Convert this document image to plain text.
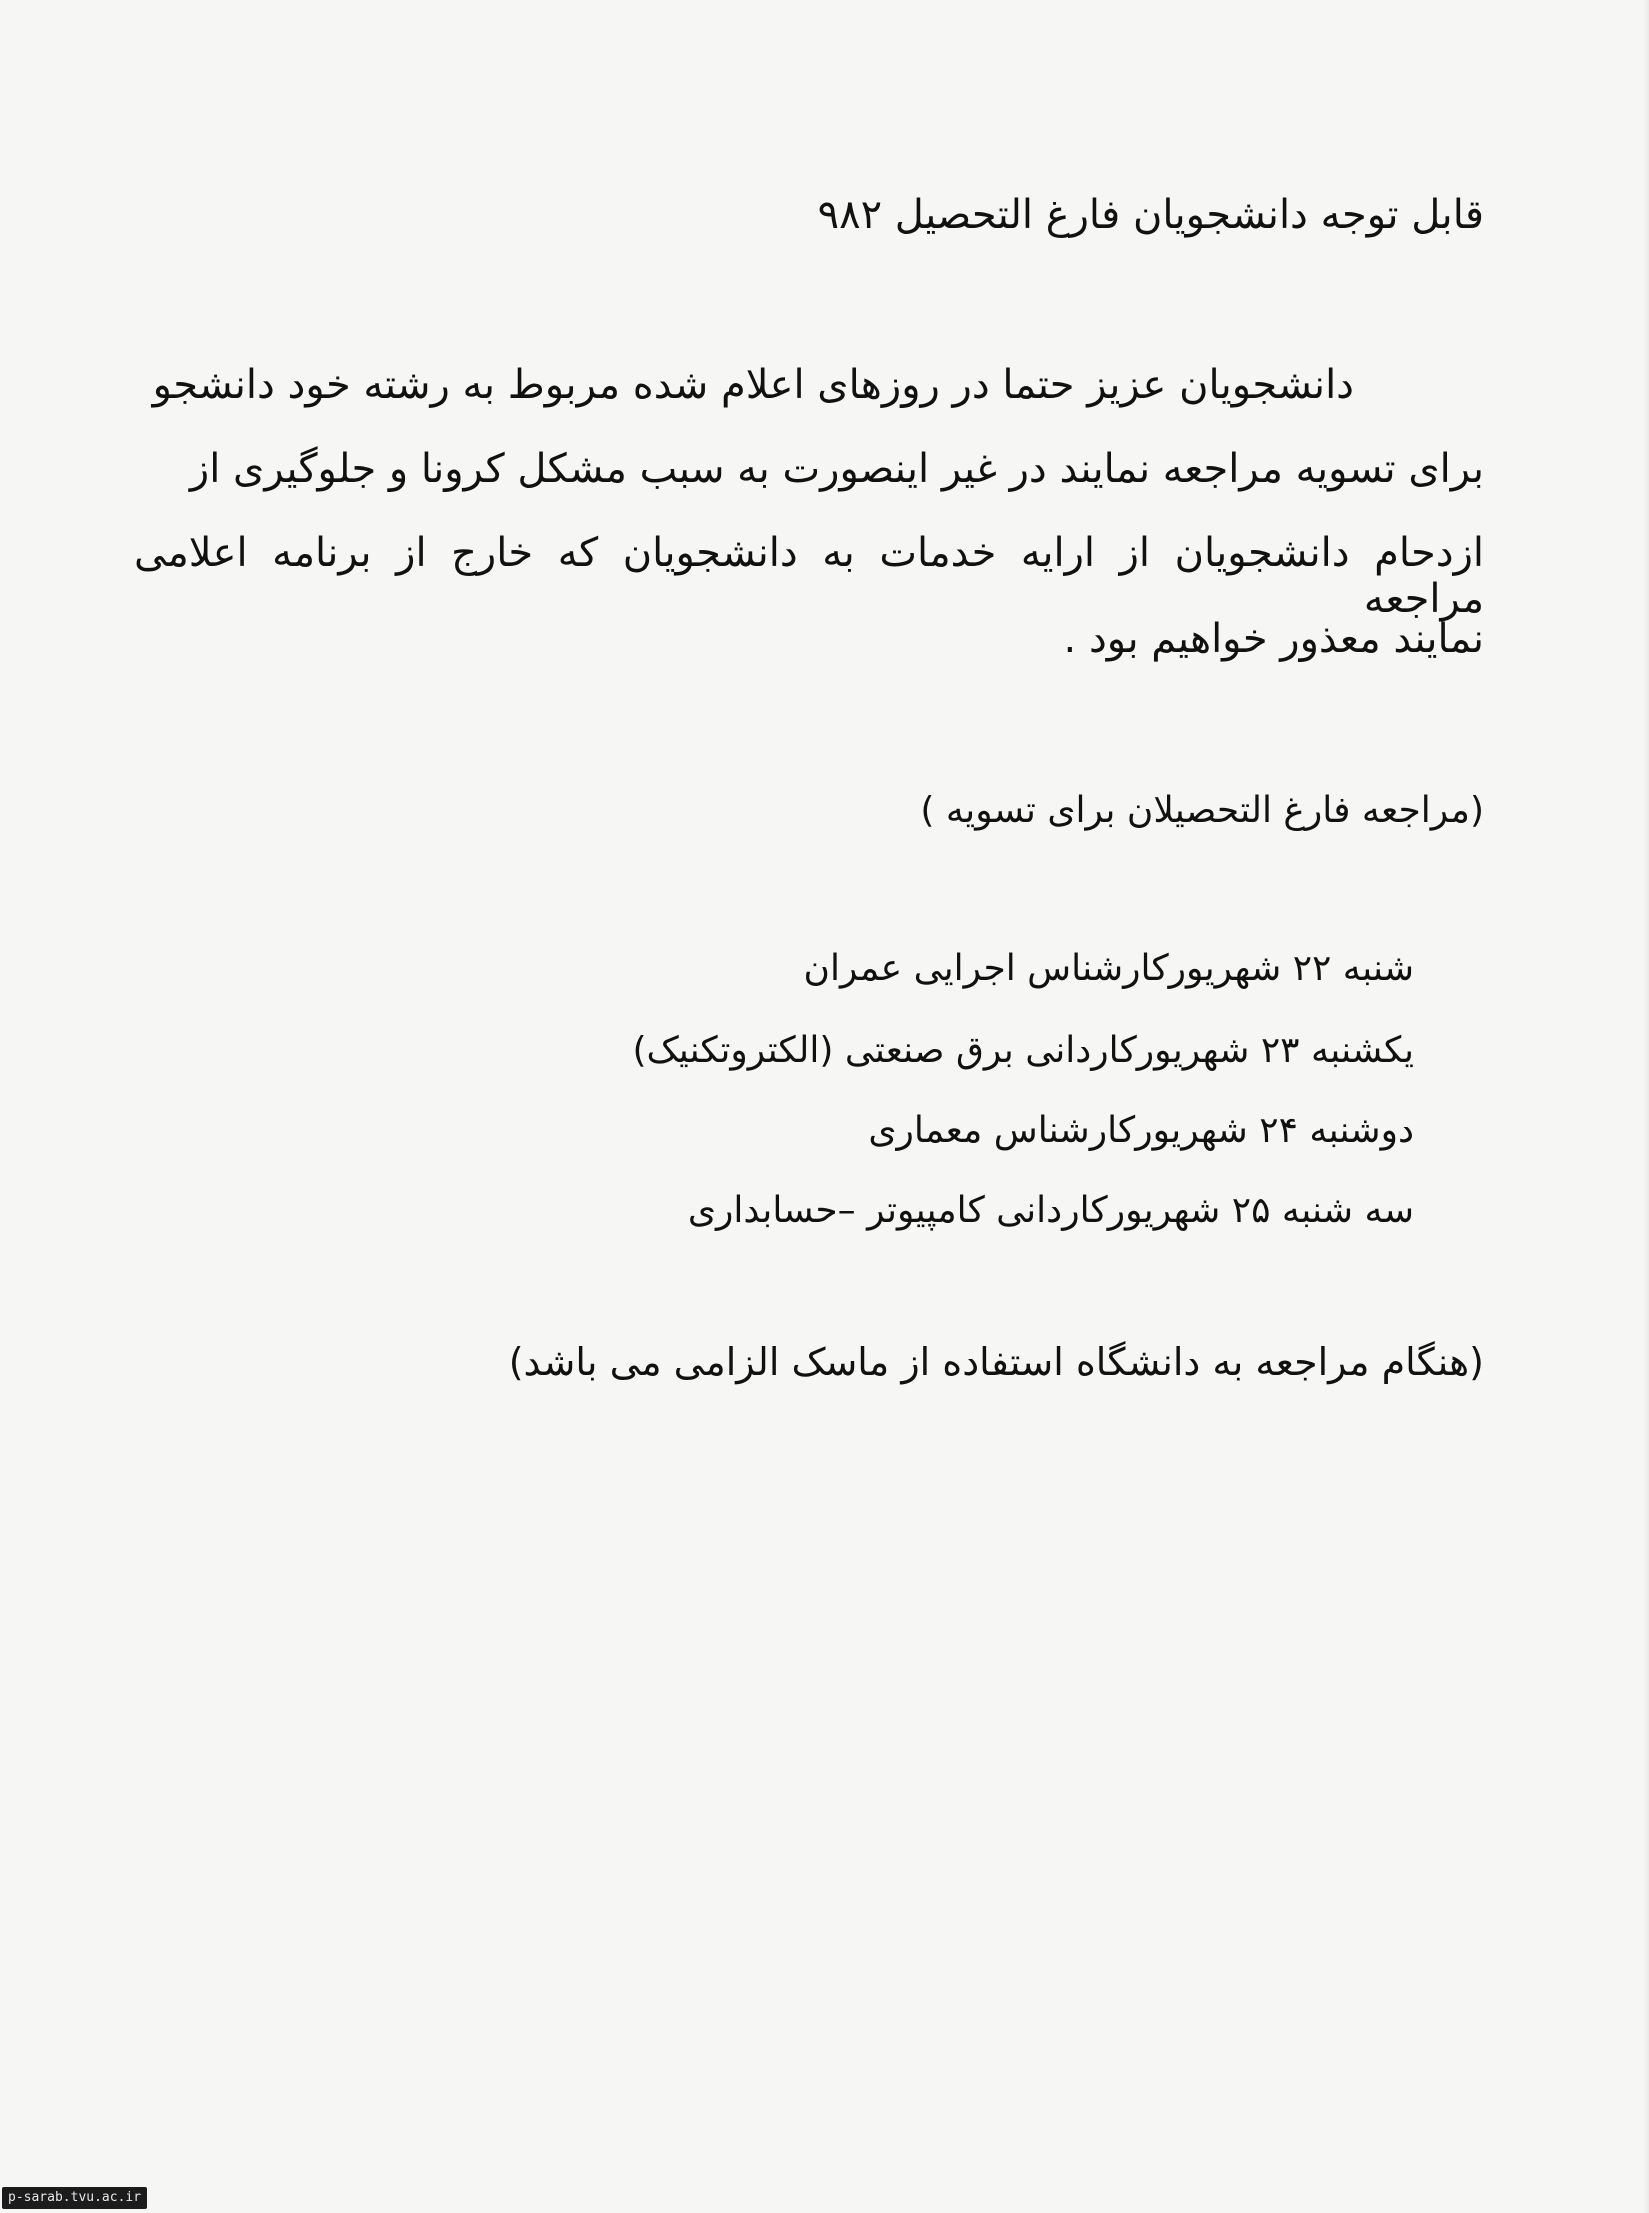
قابل توجه دانشجویان فارغ التحصیل ۹۸۲
دانشجویان عزیز حتما در روزهای اعلام شده مربوط به رشته خود دانشجو
برای تسویه مراجعه نمایند در غیر اینصورت به سبب مشکل کرونا و جلوگیری از
ازدحام دانشجویان از ارایه خدمات به دانشجویان که خارج از برنامه اعلامی مراجعه
نمایند معذور خواهیم بود .
(مراجعه فارغ التحصیلان برای تسویه )
کارشناس اجرایی عمرانشنبه ۲۲ شهریور
کاردانی برق صنعتی (الکتروتکنیک)یکشنبه ۲۳ شهریور
کارشناس معماریدوشنبه ۲۴ شهریور
کاردانی کامپیوتر –حسابداریسه شنبه ۲۵ شهریور
(هنگام مراجعه به دانشگاه استفاده از ماسک الزامی می باشد)
p-sarab.tvu.ac.ir
